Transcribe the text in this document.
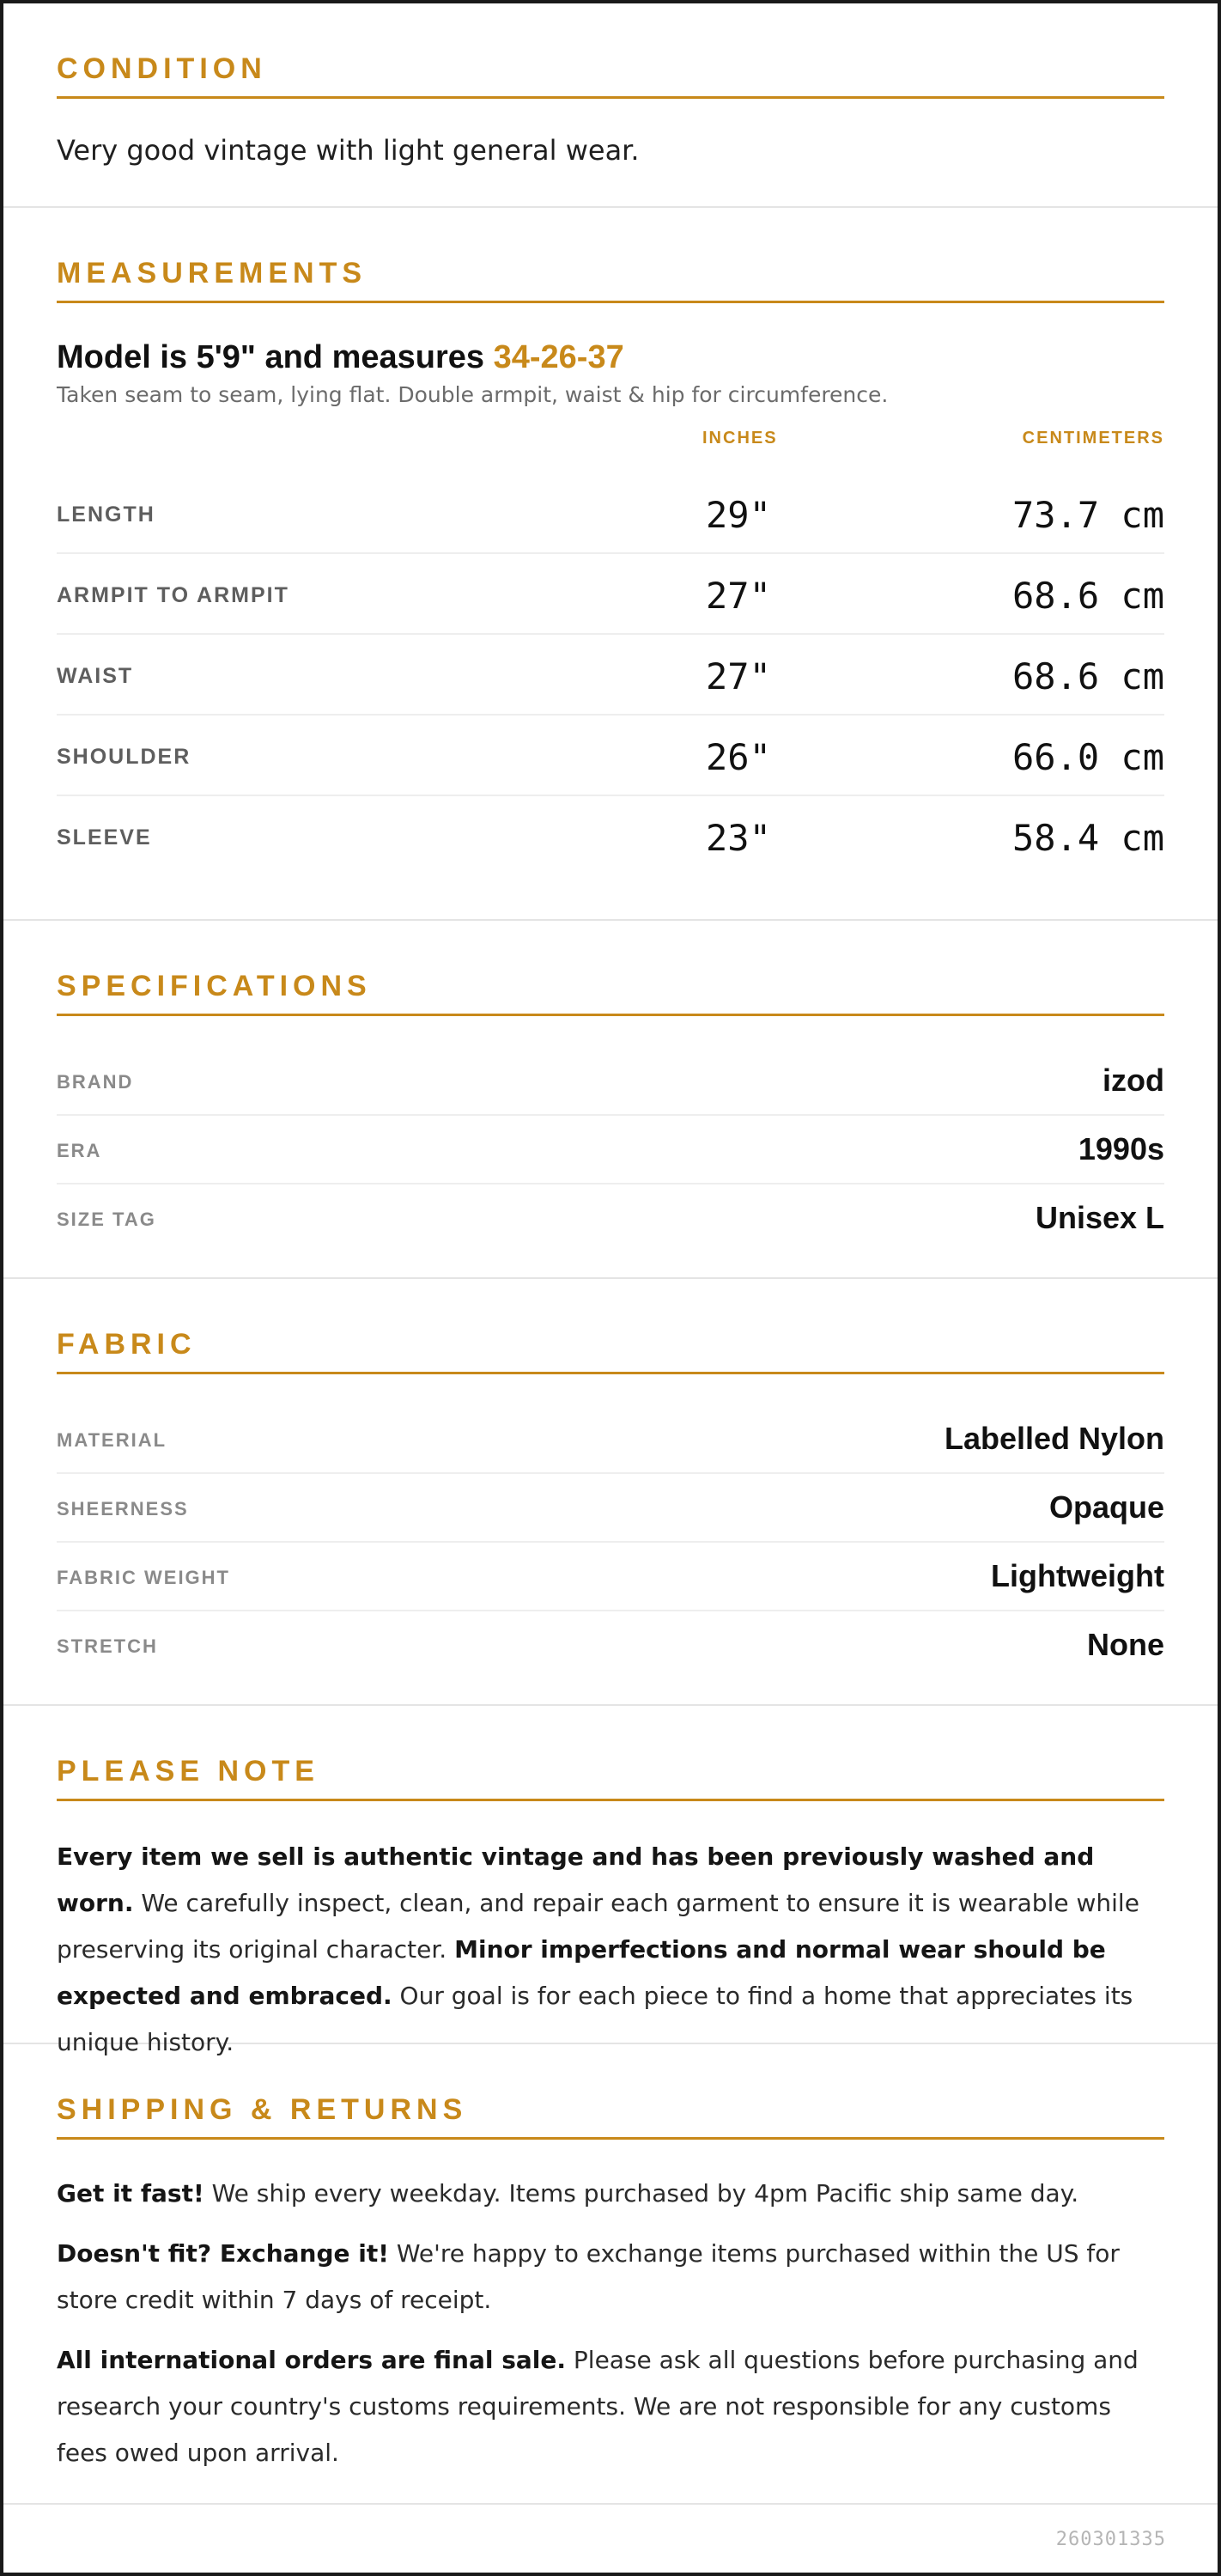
CONDITION

Very good vintage with light general wear.

MEASUREMENTS
Model is 5'9" and measures 34-26-37

Taken seam to seam, lying flat. Double armpit, waist & hip for circumference.

INCHES	CENTIMETERS
LENGTH	29"	73.7 cm
ARMPIT TO ARMPIT	27"	68.6 cm
WAIST	27"	68.6 cm
SHOULDER	26"	66.0 cm
SLEEVE	23"	58.4 cm
SPECIFICATIONS
BRAND	izod
ERA	1990s
SIZE TAG	Unisex L
FABRIC
MATERIAL	Labelled Nylon
SHEERNESS	Opaque
FABRIC WEIGHT	Lightweight
STRETCH	None
PLEASE NOTE

Every item we sell is authentic vintage and has been previously washed and worn. We carefully inspect, clean, and repair each garment to ensure it is wearable while preserving its original character. Minor imperfections and normal wear should be expected and embraced. Our goal is for each piece to find a home that appreciates its unique history.

SHIPPING & RETURNS

Get it fast! We ship every weekday. Items purchased by 4pm Pacific ship same day.

Doesn't fit? Exchange it! We're happy to exchange items purchased within the US for store credit within 7 days of receipt.

All international orders are final sale. Please ask all questions before purchasing and research your country's customs requirements. We are not responsible for any customs fees owed upon arrival.

260301335
